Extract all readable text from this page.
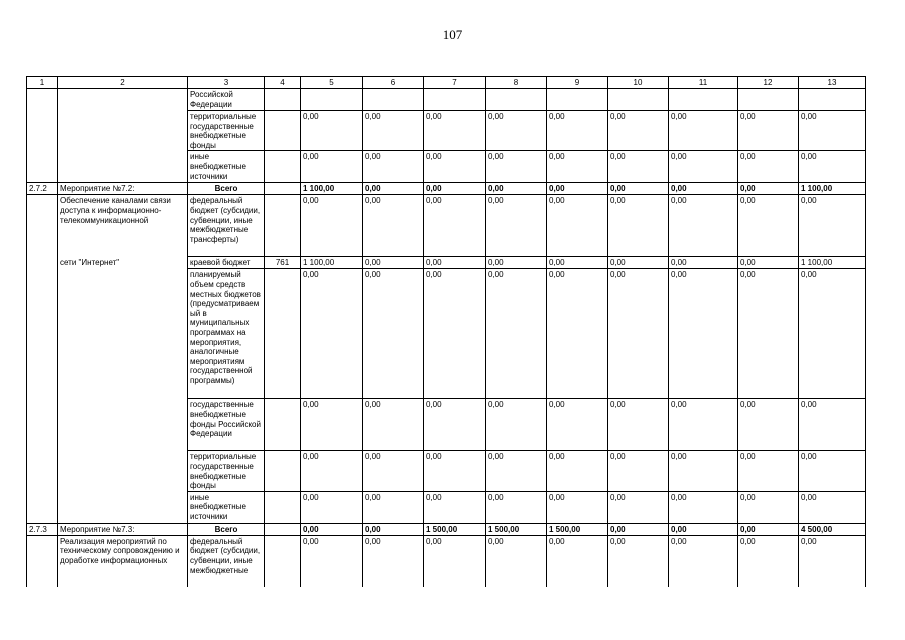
107
1	2	3	4	5	6	7	8	9	10	11	12	13
		Российской Федерации										
		территориальные государственные внебюджетные фонды		0,00	0,00	0,00	0,00	0,00	0,00	0,00	0,00	0,00
		иные внебюджетные источники		0,00	0,00	0,00	0,00	0,00	0,00	0,00	0,00	0,00
2.7.2	Мероприятие №7.2:	Всего		1 100,00	0,00	0,00	0,00	0,00	0,00	0,00	0,00	1 100,00
	Обеспечение каналами связи доступа к информационно-телекоммуникационной	федеральный бюджет (субсидии, субвенции, иные межбюджетные трансферты)		0,00	0,00	0,00	0,00	0,00	0,00	0,00	0,00	0,00
	сети "Интернет"	краевой бюджет	761	1 100,00	0,00	0,00	0,00	0,00	0,00	0,00	0,00	1 100,00
		планируемый объем средств местных бюджетов (предусматриваемый в муниципальных программах на мероприятия, аналогичные мероприятиям государственной программы)		0,00	0,00	0,00	0,00	0,00	0,00	0,00	0,00	0,00
		государственные внебюджетные фонды Российской Федерации		0,00	0,00	0,00	0,00	0,00	0,00	0,00	0,00	0,00
		территориальные государственные внебюджетные фонды		0,00	0,00	0,00	0,00	0,00	0,00	0,00	0,00	0,00
		иные внебюджетные источники		0,00	0,00	0,00	0,00	0,00	0,00	0,00	0,00	0,00
2.7.3	Мероприятие №7.3:	Всего		0,00	0,00	1 500,00	1 500,00	1 500,00	0,00	0,00	0,00	4 500,00
	Реализация мероприятий по техническому сопровождению и доработке информационных	федеральный бюджет (субсидии, субвенции, иные межбюджетные		0,00	0,00	0,00	0,00	0,00	0,00	0,00	0,00	0,00
